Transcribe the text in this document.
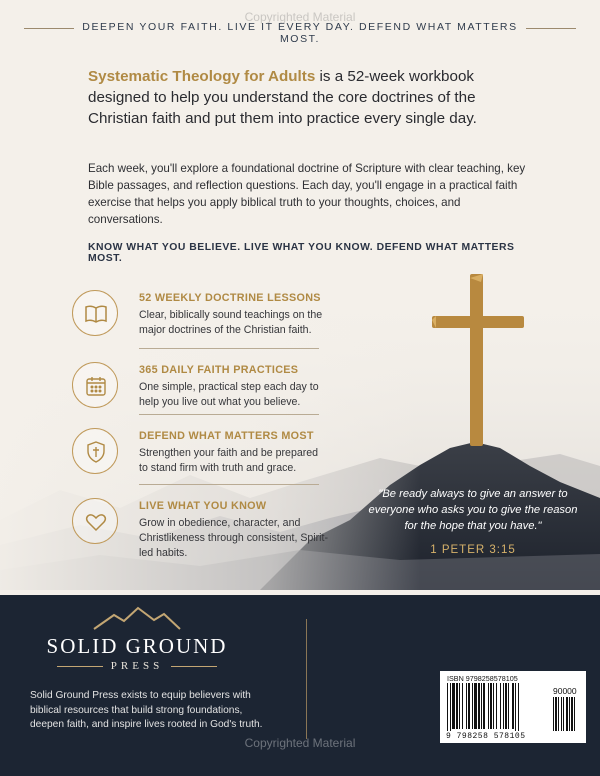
DEEPEN YOUR FAITH. LIVE IT EVERY DAY. DEFEND WHAT MATTERS MOST.
Copyrighted Material
Systematic Theology for Adults is a 52-week workbook designed to help you understand the core doctrines of the Christian faith and put them into practice every single day.
Each week, you'll explore a foundational doctrine of Scripture with clear teaching, key Bible passages, and reflection questions. Each day, you'll engage in a practical faith exercise that helps you apply biblical truth to your thoughts, choices, and conversations.
KNOW WHAT YOU BELIEVE. LIVE WHAT YOU KNOW. DEFEND WHAT MATTERS MOST.
52 WEEKLY DOCTRINE LESSONS
Clear, biblically sound teachings on the major doctrines of the Christian faith.
365 DAILY FAITH PRACTICES
One simple, practical step each day to help you live out what you believe.
DEFEND WHAT MATTERS MOST
Strengthen your faith and be prepared to stand firm with truth and grace.
LIVE WHAT YOU KNOW
Grow in obedience, character, and Christlikeness through consistent, Spirit-led habits.
"Be ready always to give an answer to everyone who asks you to give the reason for the hope that you have."
1 PETER 3:15
SOLID GROUND
PRESS
Solid Ground Press exists to equip believers with biblical resources that build strong foundations, deepen faith, and inspire lives rooted in God's truth.
ISBN 9798258578105
90000
9 798258 578105
Copyrighted Material
